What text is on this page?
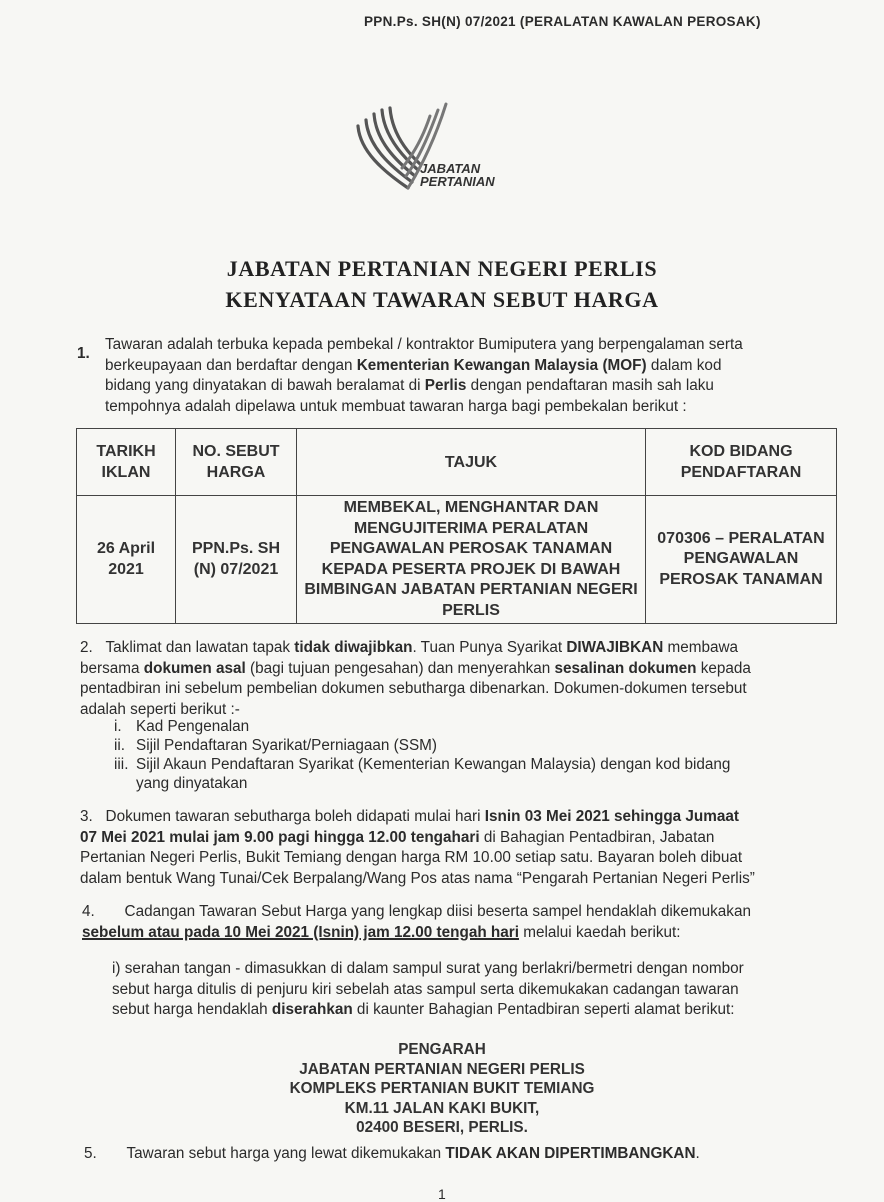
PPN.Ps. SH(N) 07/2021 (PERALATAN KAWALAN PEROSAK)
JABATAN
PERTANIAN
JABATAN PERTANIAN NEGERI PERLIS
KENYATAAN TAWARAN SEBUT HARGA
1.
Tawaran adalah terbuka kepada pembekal / kontraktor Bumiputera yang berpengalaman serta
berkeupayaan dan berdaftar dengan Kementerian Kewangan Malaysia (MOF) dalam kod
bidang yang dinyatakan di bawah beralamat di Perlis dengan pendaftaran masih sah laku
tempohnya adalah dipelawa untuk membuat tawaran harga bagi pembekalan berikut :
TARIKH IKLAN	NO. SEBUT HARGA	TAJUK	KOD BIDANG PENDAFTARAN
26 April 2021	PPN.Ps. SH (N) 07/2021	MEMBEKAL, MENGHANTAR DAN MENGUJITERIMA PERALATAN PENGAWALAN PEROSAK TANAMAN KEPADA PESERTA PROJEK DI BAWAH BIMBINGAN JABATAN PERTANIAN NEGERI PERLIS	070306 – PERALATAN PENGAWALAN PEROSAK TANAMAN
2. Taklimat dan lawatan tapak tidak diwajibkan. Tuan Punya Syarikat DIWAJIBKAN membawa
bersama dokumen asal (bagi tujuan pengesahan) dan menyerahkan sesalinan dokumen kepada
pentadbiran ini sebelum pembelian dokumen sebutharga dibenarkan. Dokumen-dokumen tersebut
adalah seperti berikut :-
i. Kad Pengenalan
ii. Sijil Pendaftaran Syarikat/Perniagaan (SSM)
iii. Sijil Akaun Pendaftaran Syarikat (Kementerian Kewangan Malaysia) dengan kod bidang
yang dinyatakan
3. Dokumen tawaran sebutharga boleh didapati mulai hari Isnin 03 Mei 2021 sehingga Jumaat
07 Mei 2021 mulai jam 9.00 pagi hingga 12.00 tengahari di Bahagian Pentadbiran, Jabatan
Pertanian Negeri Perlis, Bukit Temiang dengan harga RM 10.00 setiap satu. Bayaran boleh dibuat
dalam bentuk Wang Tunai/Cek Berpalang/Wang Pos atas nama “Pengarah Pertanian Negeri Perlis”
4. Cadangan Tawaran Sebut Harga yang lengkap diisi beserta sampel hendaklah dikemukakan
sebelum atau pada 10 Mei 2021 (Isnin) jam 12.00 tengah hari melalui kaedah berikut:
i) serahan tangan - dimasukkan di dalam sampul surat yang berlakri/bermetri dengan nombor
sebut harga ditulis di penjuru kiri sebelah atas sampul serta dikemukakan cadangan tawaran
sebut harga hendaklah diserahkan di kaunter Bahagian Pentadbiran seperti alamat berikut:
PENGARAH
JABATAN PERTANIAN NEGERI PERLIS
KOMPLEKS PERTANIAN BUKIT TEMIANG
KM.11 JALAN KAKI BUKIT,
02400 BESERI, PERLIS.
5. Tawaran sebut harga yang lewat dikemukakan TIDAK AKAN DIPERTIMBANGKAN.
1
